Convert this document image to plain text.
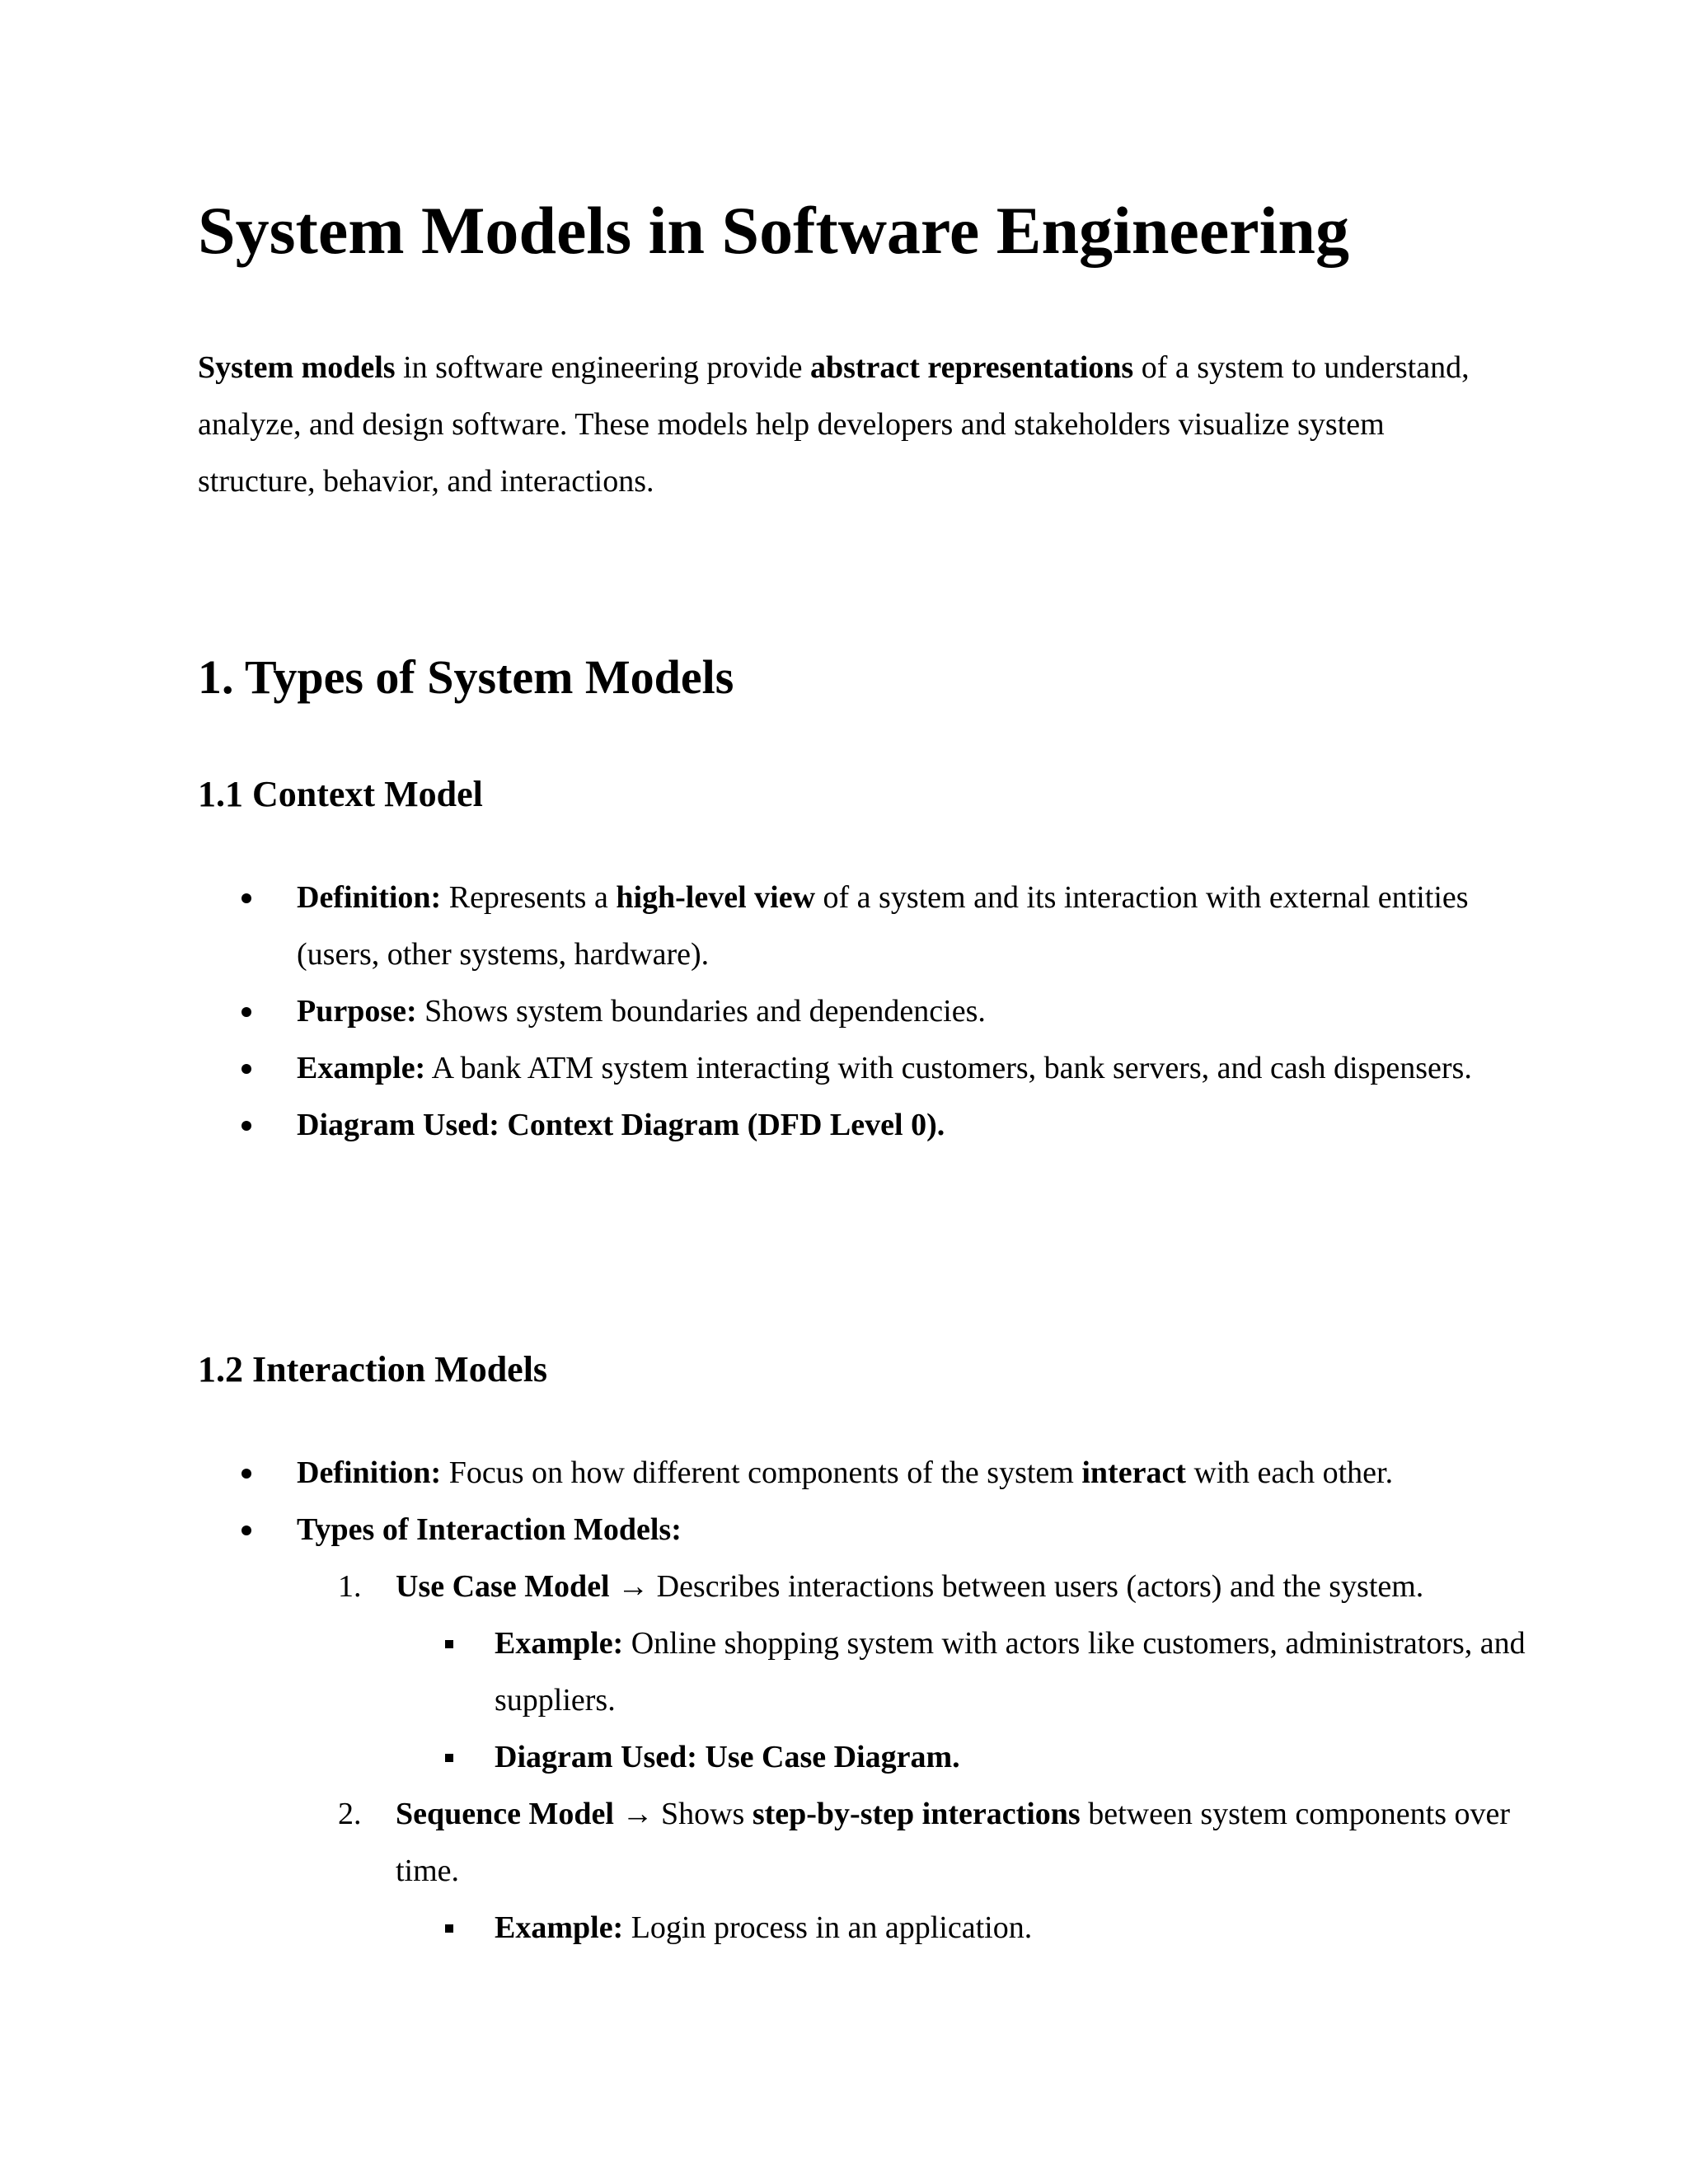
System Models in Software Engineering

System models in software engineering provide abstract representations of a system to understand, analyze, and design software. These models help developers and stakeholders visualize system structure, behavior, and interactions.

1. Types of System Models
1.1 Context Model
Definition: Represents a high-level view of a system and its interaction with external entities (users, other systems, hardware).
Purpose: Shows system boundaries and dependencies.
Example: A bank ATM system interacting with customers, bank servers, and cash dispensers.
Diagram Used: Context Diagram (DFD Level 0).
1.2 Interaction Models
Definition: Focus on how different components of the system interact with each other.
Types of Interaction Models:
1.	Use Case Model → Describes interactions between users (actors) and the system.
Example: Online shopping system with actors like customers, administrators, and suppliers.
Diagram Used: Use Case Diagram.
2.	Sequence Model → Shows step-by-step interactions between system components over time.
Example: Login process in an application.
